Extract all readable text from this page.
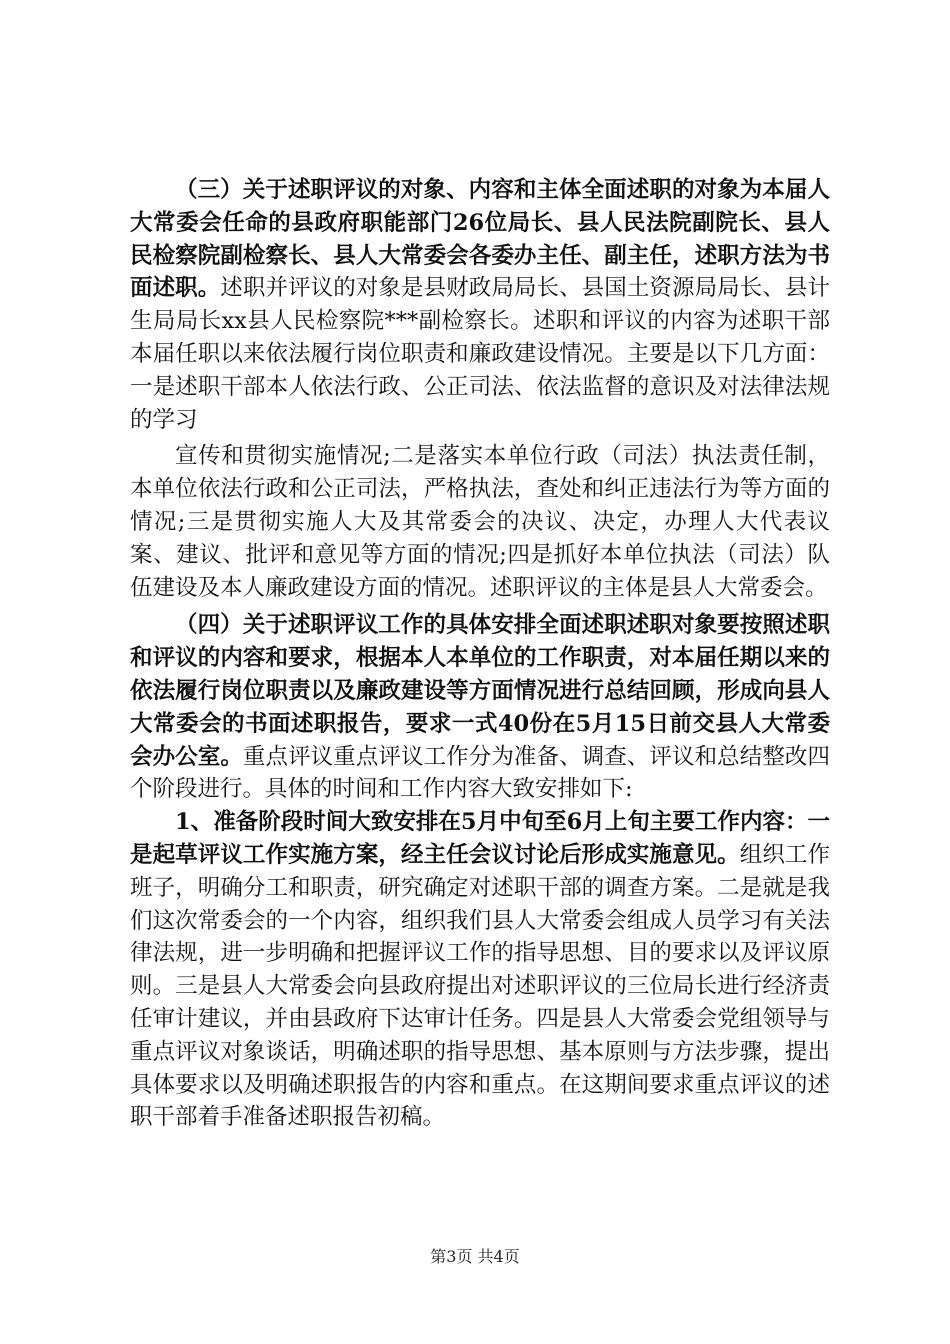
（三）关于述职评议的对象、内容和主体全面述职的对象为本届人大常委会任命的县政府职能部门26位局长、县人民法院副院长、县人民检察院副检察长、县人大常委会各委办主任、副主任，述职方法为书面述职。述职并评议的对象是县财政局局长、县国土资源局局长、县计生局局长xx县人民检察院***副检察长。述职和评议的内容为述职干部本届任职以来依法履行岗位职责和廉政建设情况。主要是以下几方面：一是述职干部本人依法行政、公正司法、依法监督的意识及对法律法规的学习

宣传和贯彻实施情况;二是落实本单位行政（司法）执法责任制，本单位依法行政和公正司法，严格执法，查处和纠正违法行为等方面的情况;三是贯彻实施人大及其常委会的决议、决定，办理人大代表议案、建议、批评和意见等方面的情况;四是抓好本单位执法（司法）队伍建设及本人廉政建设方面的情况。述职评议的主体是县人大常委会。

（四）关于述职评议工作的具体安排全面述职述职对象要按照述职和评议的内容和要求，根据本人本单位的工作职责，对本届任期以来的依法履行岗位职责以及廉政建设等方面情况进行总结回顾，形成向县人大常委会的书面述职报告，要求一式40份在5月15日前交县人大常委会办公室。重点评议重点评议工作分为准备、调查、评议和总结整改四个阶段进行。具体的时间和工作内容大致安排如下:

1、准备阶段时间大致安排在5月中旬至6月上旬主要工作内容：一是起草评议工作实施方案，经主任会议讨论后形成实施意见。组织工作班子，明确分工和职责，研究确定对述职干部的调查方案。二是就是我们这次常委会的一个内容，组织我们县人大常委会组成人员学习有关法律法规，进一步明确和把握评议工作的指导思想、目的要求以及评议原则。三是县人大常委会向县政府提出对述职评议的三位局长进行经济责任审计建议，并由县政府下达审计任务。四是县人大常委会党组领导与重点评议对象谈话，明确述职的指导思想、基本原则与方法步骤，提出具体要求以及明确述职报告的内容和重点。在这期间要求重点评议的述职干部着手准备述职报告初稿。

第3页 共4页
